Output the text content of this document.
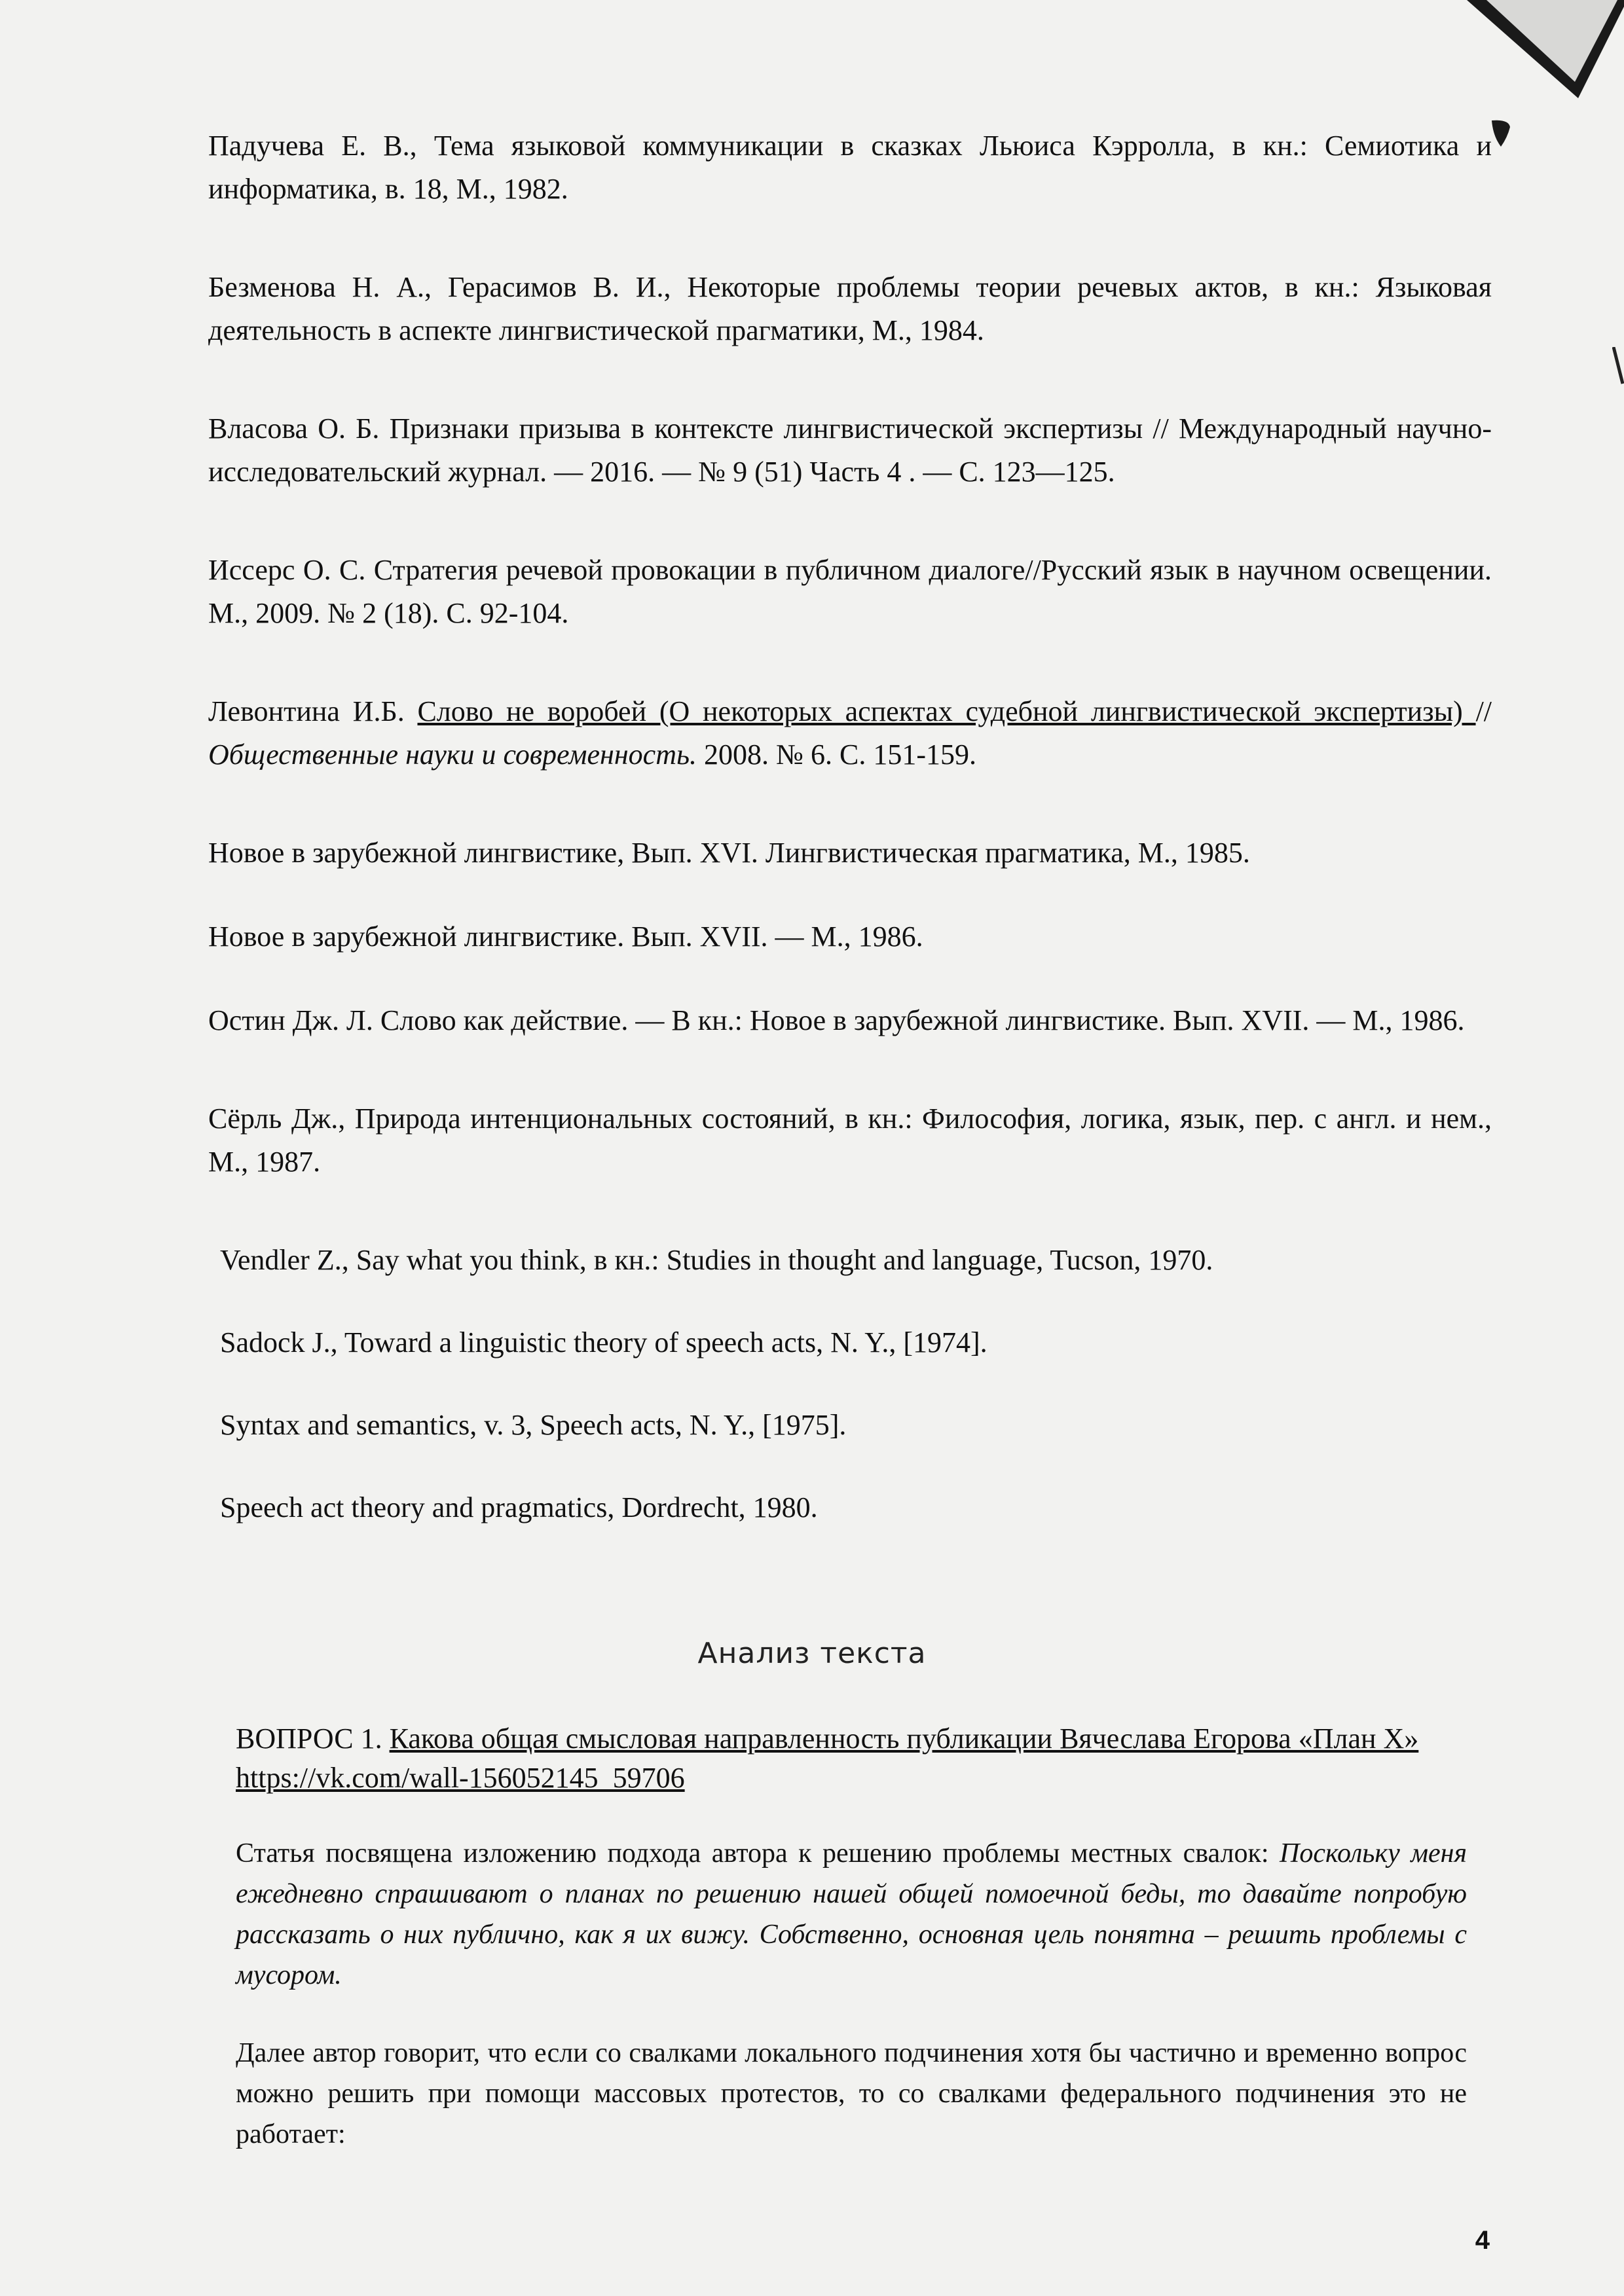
Падучева Е. В., Тема языковой коммуникации в сказках Льюиса Кэрролла, в кн.: Семиотика и информатика, в. 18, М., 1982.

Безменова Н. А., Герасимов В. И., Некоторые проблемы теории речевых актов, в кн.: Языковая деятельность в аспекте лингвистической прагматики, М., 1984.

Власова О. Б. Признаки призыва в контексте лингвистической экспертизы // Международный научно-исследовательский журнал. — 2016. — № 9 (51) Часть 4 . — С. 123—125.

Иссерс О. С. Стратегия речевой провокации в публичном диалоге//Русский язык в научном освещении. М., 2009. № 2 (18). С. 92-104.

Левонтина И.Б. Слово не воробей (О некоторых аспектах судебной лингвистической экспертизы) // Общественные науки и современность. 2008. № 6. С. 151-159.

Новое в зарубежной лингвистике, Вып. XVI. Лингвистическая прагматика, М., 1985.

Новое в зарубежной лингвистике. Вып. XVII. — М., 1986.

Остин Дж. Л. Слово как действие. — В кн.: Новое в зарубежной лингвистике. Вып. XVII. — М., 1986.

Сёрль Дж., Природа интенциональных состояний, в кн.: Философия, логика, язык, пер. с англ. и нем., М., 1987.

Vendler Z., Say what you think, в кн.: Studies in thought and language, Tucson, 1970.

Sadock J., Toward a linguistic theory of speech acts, N. Y., [1974].

Syntax and semantics, v. 3, Speech acts, N. Y., [1975].

Speech act theory and pragmatics, Dordrecht, 1980.

Анализ текста
ВОПРОС 1. Какова общая смысловая направленность публикации Вячеслава Егорова «План Х» https://vk.com/wall-156052145_59706
Статья посвящена изложению подхода автора к решению проблемы местных свалок: Поскольку меня ежедневно спрашивают о планах по решению нашей общей помоечной беды, то давайте попробую рассказать о них публично, как я их вижу. Собственно, основная цель понятна – решить проблемы с мусором.
Далее автор говорит, что если со свалками локального подчинения хотя бы частично и временно вопрос можно решить при помощи массовых протестов, то со свалками федерального подчинения это не работает:
4
